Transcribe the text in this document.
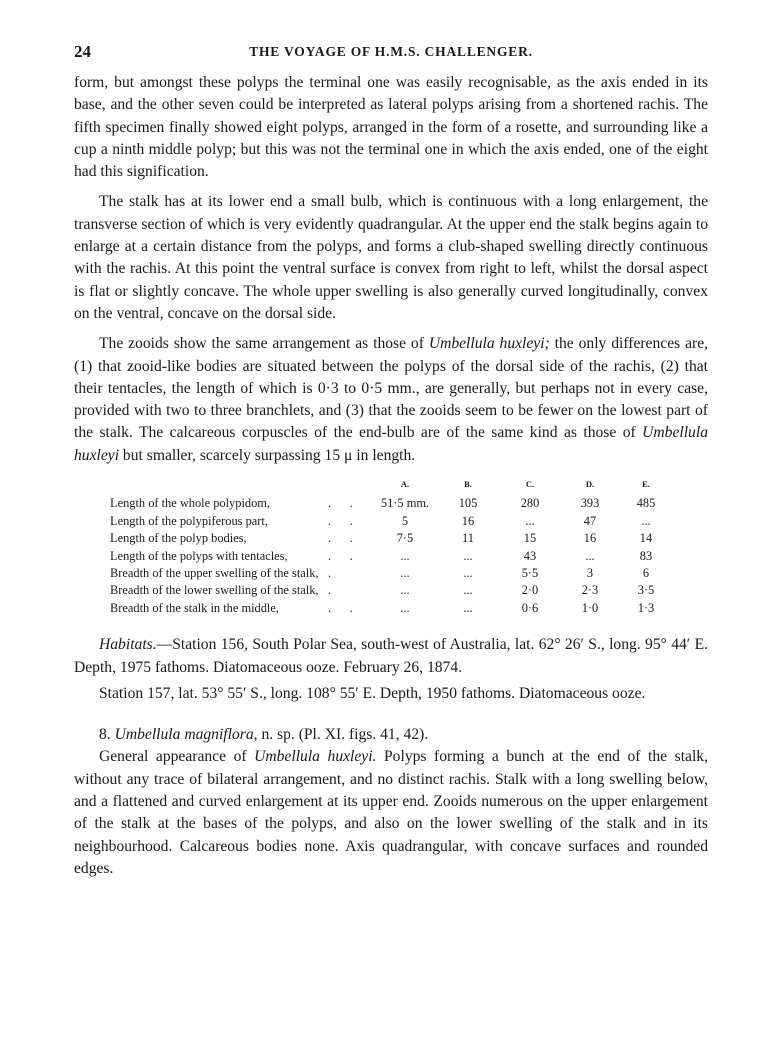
24	THE VOYAGE OF H.M.S. CHALLENGER.

form, but amongst these polyps the terminal one was easily recognisable, as the axis ended in its base, and the other seven could be interpreted as lateral polyps arising from a shortened rachis. The fifth specimen finally showed eight polyps, arranged in the form of a rosette, and surrounding like a cup a ninth middle polyp; but this was not the terminal one in which the axis ended, one of the eight had this signification.

The stalk has at its lower end a small bulb, which is continuous with a long enlargement, the transverse section of which is very evidently quadrangular. At the upper end the stalk begins again to enlarge at a certain distance from the polyps, and forms a club-shaped swelling directly continuous with the rachis. At this point the ventral surface is convex from right to left, whilst the dorsal aspect is flat or slightly concave. The whole upper swelling is also generally curved longitudinally, convex on the ventral, concave on the dorsal side.

The zooids show the same arrangement as those of Umbellula huxleyi; the only differences are, (1) that zooid-like bodies are situated between the polyps of the dorsal side of the rachis, (2) that their tentacles, the length of which is 0·3 to 0·5 mm., are generally, but perhaps not in every case, provided with two to three branchlets, and (3) that the zooids seem to be fewer on the lowest part of the stalk. The calcareous corpuscles of the end-bulb are of the same kind as those of Umbellula huxleyi but smaller, scarcely surpassing 15 μ in length.

		A.	B.	C.	D.	E.
Length of the whole polypidom,	.      .	51·5 mm.	105	280	393	485
Length of the polypiferous part,	.      .	5	16	...	47	...
Length of the polyp bodies,	.      .	7·5	11	15	16	14
Length of the polyps with tentacles,	.      .	...	...	43	...	83
Breadth of the upper swelling of the stalk,	.	...	...	5·5	3	6
Breadth of the lower swelling of the stalk,	.	...	...	2·0	2·3	3·5
Breadth of the stalk in the middle,	.      .	...	...	0·6	1·0	1·3

Habitats.—Station 156, South Polar Sea, south-west of Australia, lat. 62° 26′ S., long. 95° 44′ E. Depth, 1975 fathoms. Diatomaceous ooze. February 26, 1874.

Station 157, lat. 53° 55′ S., long. 108° 55′ E. Depth, 1950 fathoms. Diatomaceous ooze.

8. Umbellula magniflora, n. sp. (Pl. XI. figs. 41, 42).

General appearance of Umbellula huxleyi. Polyps forming a bunch at the end of the stalk, without any trace of bilateral arrangement, and no distinct rachis. Stalk with a long swelling below, and a flattened and curved enlargement at its upper end. Zooids numerous on the upper enlargement of the stalk at the bases of the polyps, and also on the lower swelling of the stalk and in its neighbourhood. Calcareous bodies none. Axis quadrangular, with concave surfaces and rounded edges.
